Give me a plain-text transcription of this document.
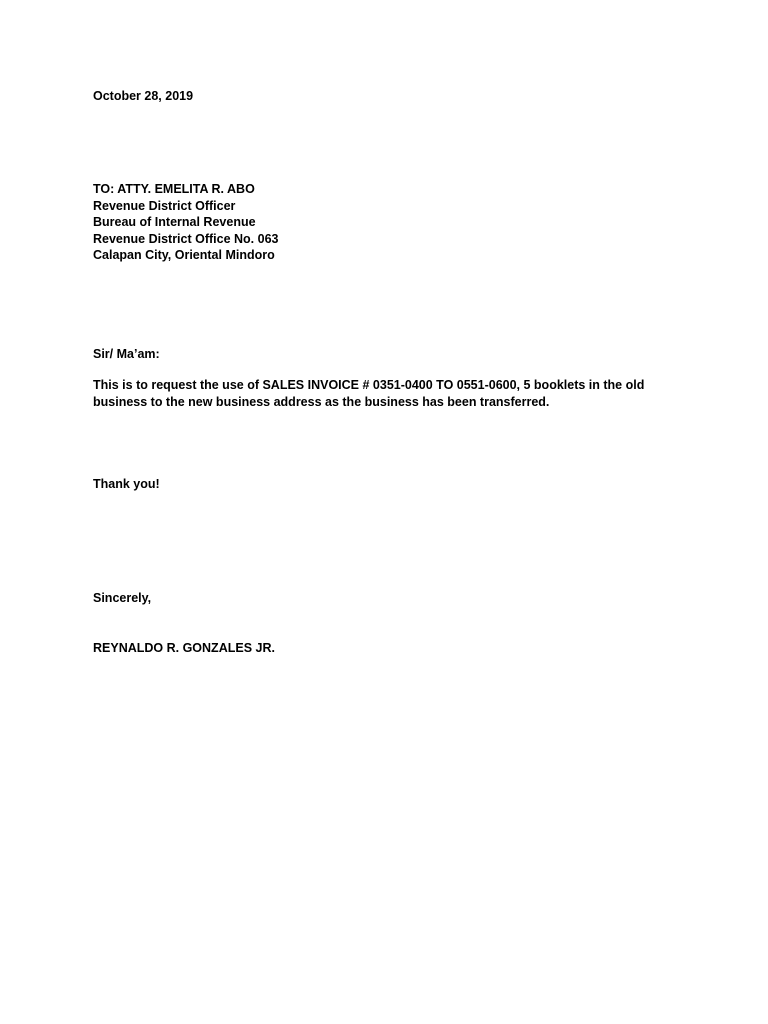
October 28, 2019
TO: ATTY. EMELITA R. ABO
Revenue District Officer
Bureau of Internal Revenue
Revenue District Office No. 063
Calapan City, Oriental Mindoro
Sir/ Ma’am:
This is to request the use of SALES INVOICE # 0351-0400 TO 0551-0600, 5 booklets in the old
business to the new business address as the business has been transferred.
Thank you!
Sincerely,
REYNALDO R. GONZALES JR.
